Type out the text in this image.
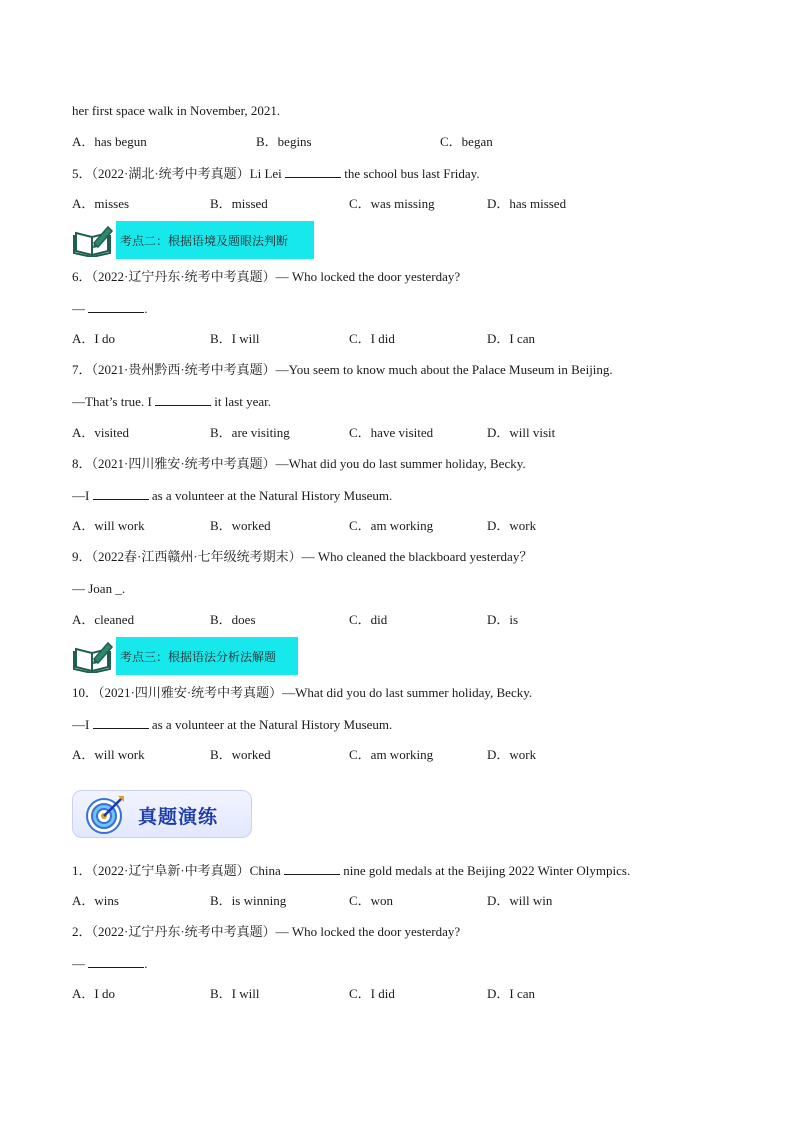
her first space walk in November, 2021.
A．has begun	B．begins	C．began
5．（2022·湖北·统考中考真题）Li Lei	the school bus last Friday.
A．misses	B．missed	C．was missing	D．has missed
考点二：根据语境及题眼法判断
6．（2022·辽宁丹东·统考中考真题）— Who locked the door yesterday?
—	.
A．I do	B．I will	C．I did	D．I can
7．（2021·贵州黔西·统考中考真题）—You seem to know much about the Palace Museum in Beijing.
—That’s true. I	it last year.
A．visited	B．are visiting	C．have visited	D．will visit
8．（2021·四川雅安·统考中考真题）—What did you do last summer holiday, Becky.
—I	as a volunteer at the Natural History Museum.
A．will work	B．worked	C．am working	D．work
9．（2022春·江西赣州·七年级统考期末）— Who cleaned the blackboard yesterday？
— Joan _.
A．cleaned	B．does	C．did	D．is
考点三：根据语法分析法解题
10．（2021·四川雅安·统考中考真题）—What did you do last summer holiday, Becky.
—I	as a volunteer at the Natural History Museum.
A．will work	B．worked	C．am working	D．work
真题演练
1．（2022·辽宁阜新·中考真题）China	nine gold medals at the Beijing 2022 Winter Olympics.
A．wins	B．is winning	C．won	D．will win
2．（2022·辽宁丹东·统考中考真题）— Who locked the door yesterday?
—	.
A．I do	B．I will	C．I did	D．I can
